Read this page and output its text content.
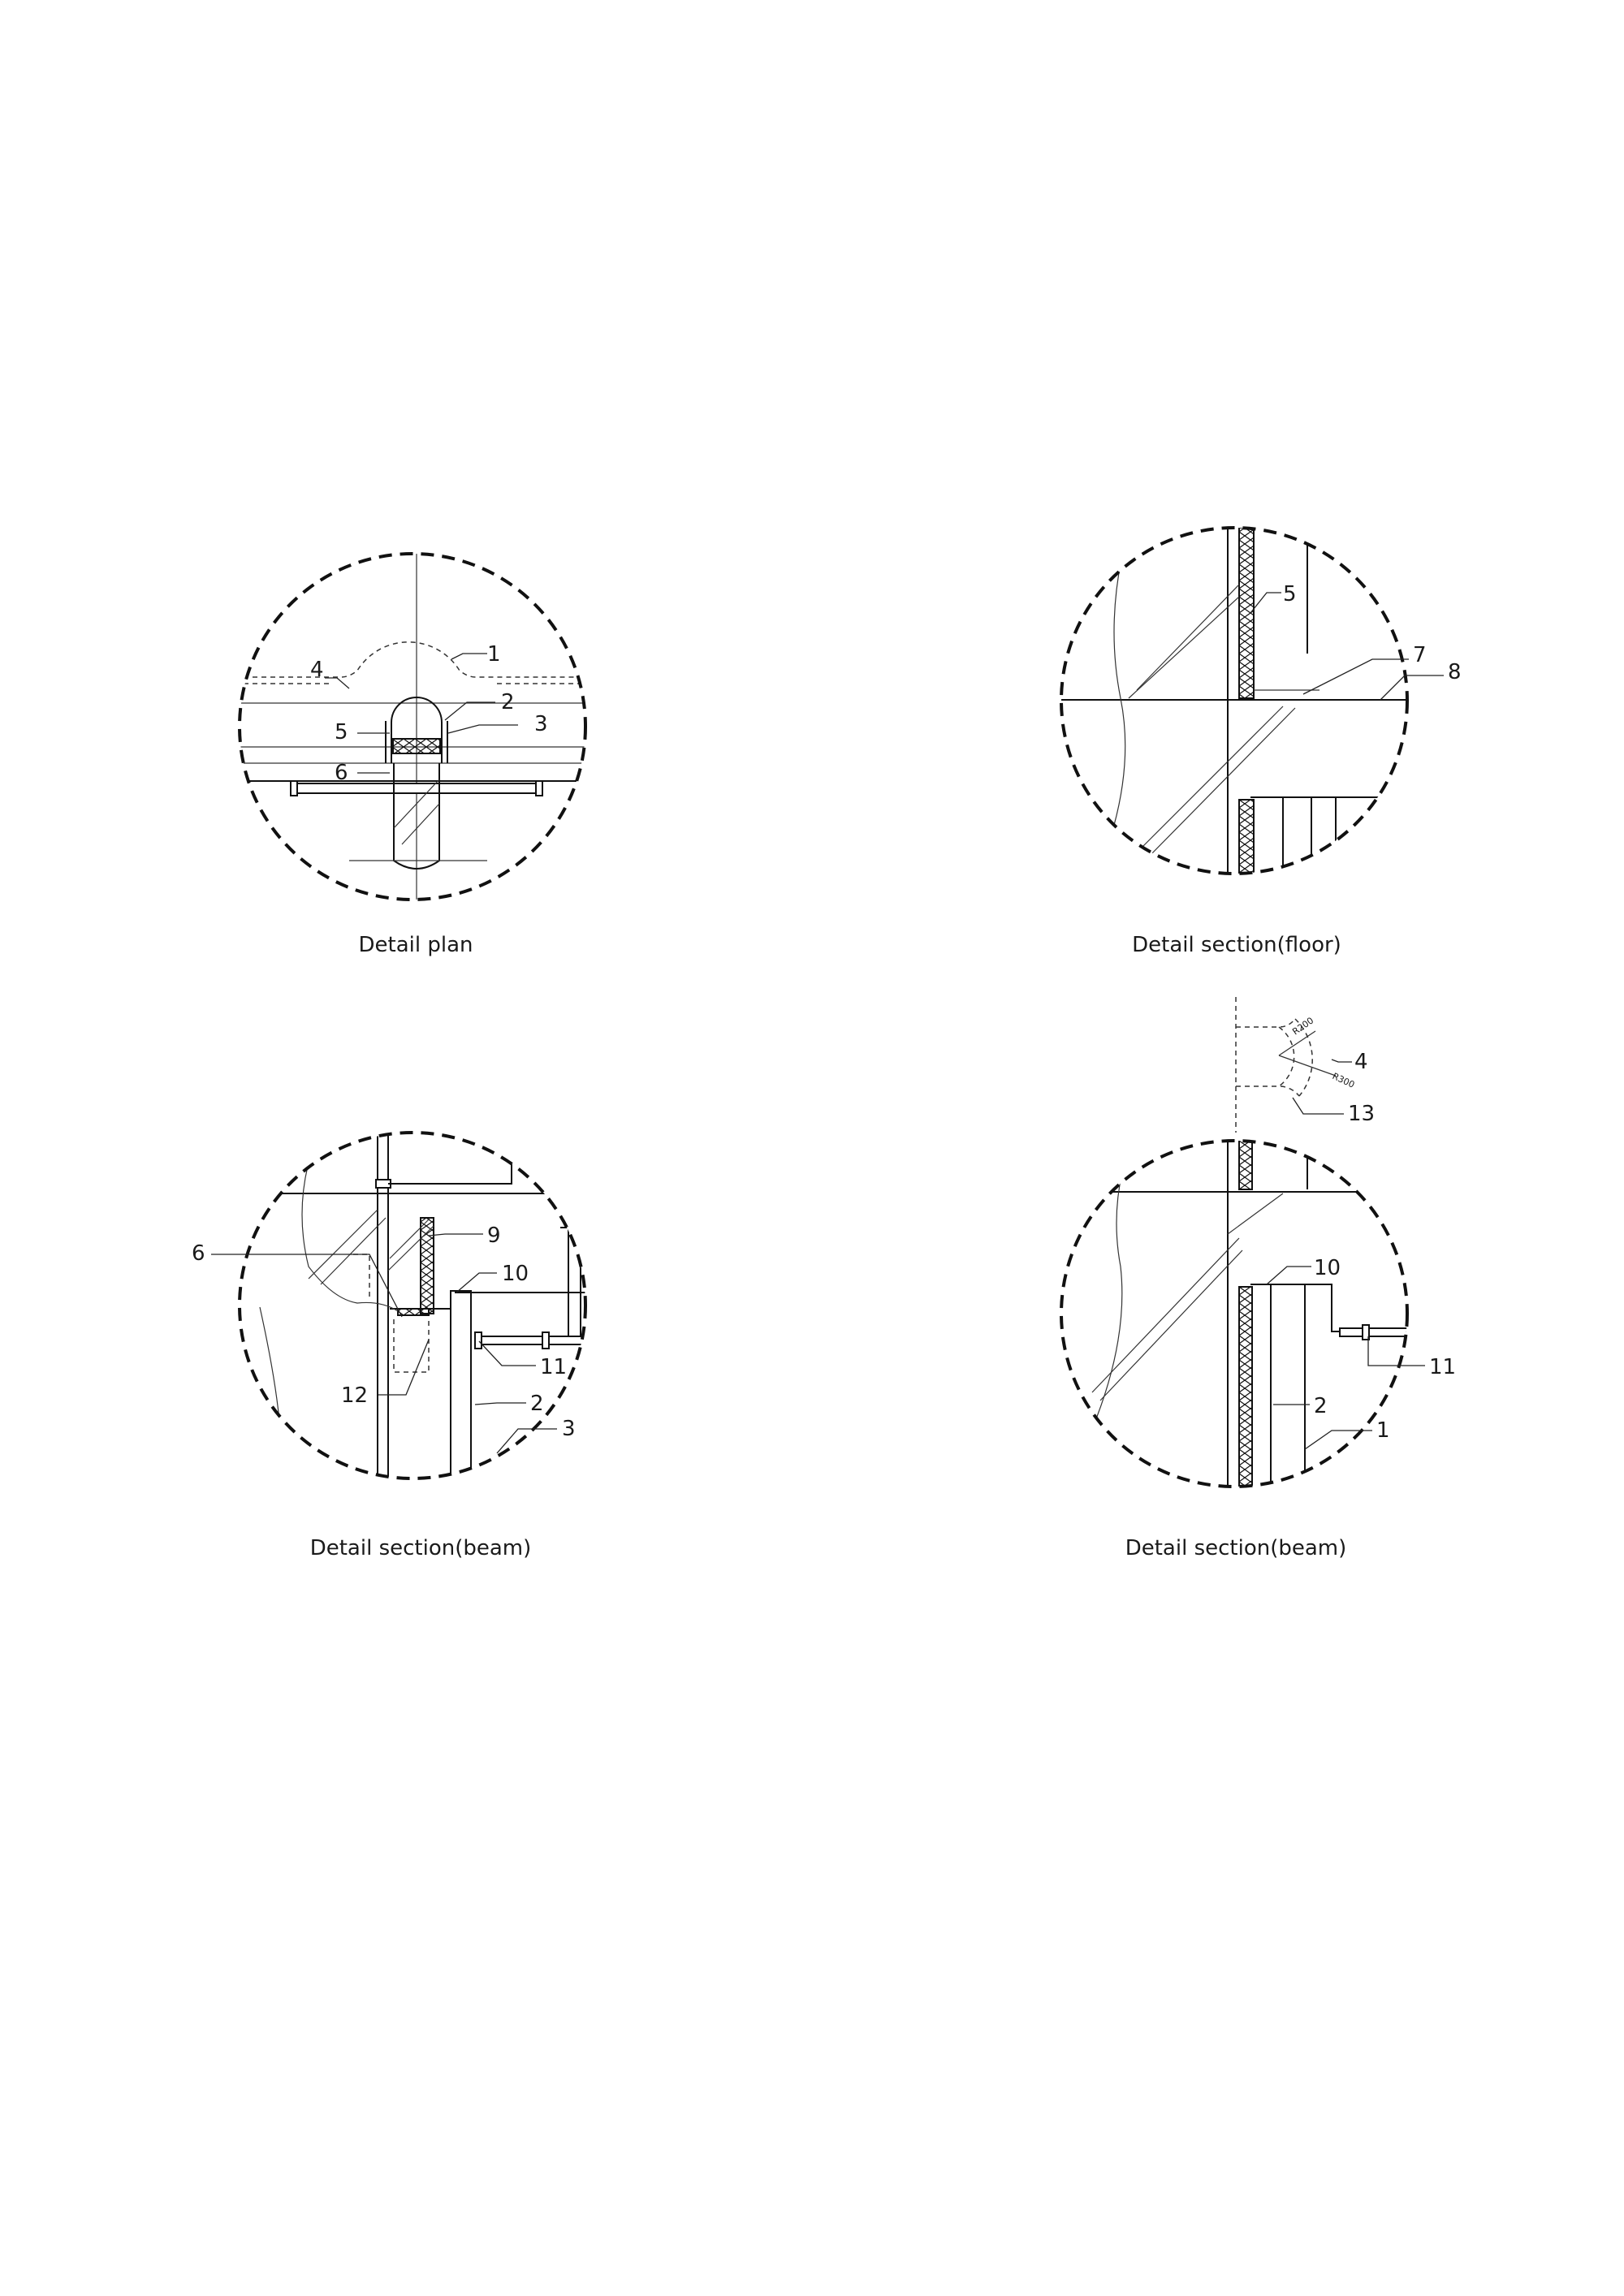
1
2
3
4
5
6
Detail plan
5
7
8
Detail section(floor)
6
9
10
11
12	2
3
Detail section(beam)
R200
R300
4
13
10
11
2
1
Detail section(beam)
